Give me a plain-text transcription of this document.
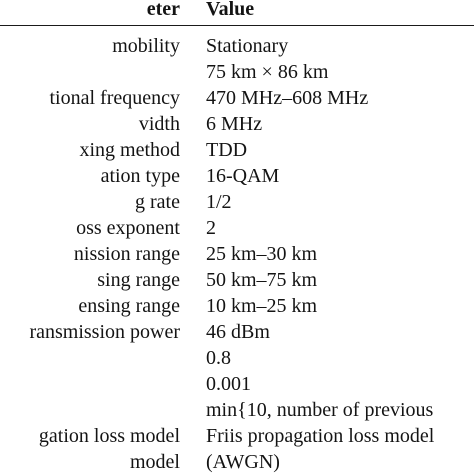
eter Value
mobility Stationary
75 km × 86 km
tional frequency 470 MHz–608 MHz
vidth 6 MHz
xing method TDD
ation type 16-QAM
g rate 1/2
oss exponent 2
nission range 25 km–30 km
sing range 50 km–75 km
ensing range 10 km–25 km
ransmission power 46 dBm
0.8
0.001
min{10, number of previous
gation loss model Friis propagation loss model
model (AWGN)
